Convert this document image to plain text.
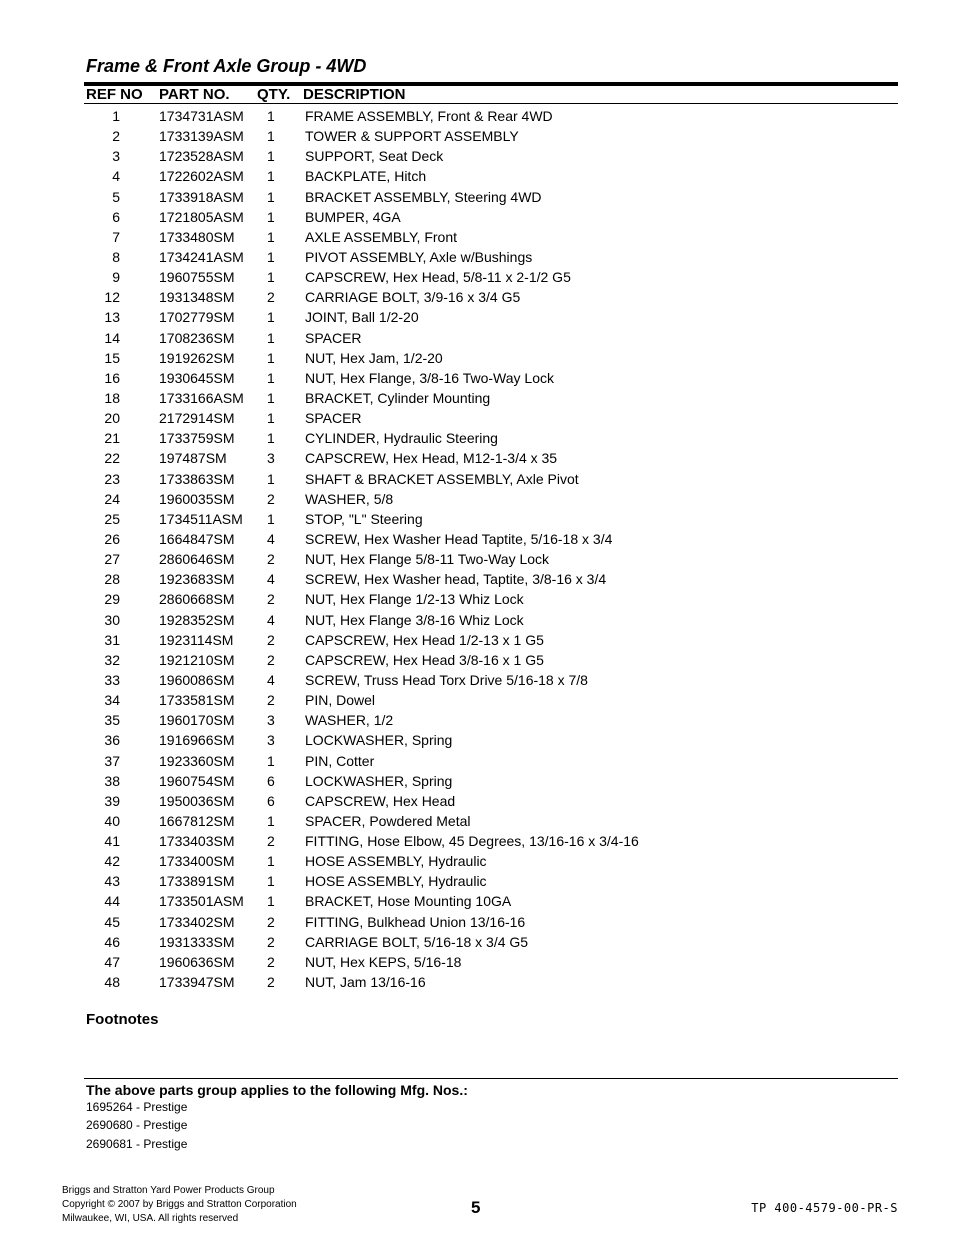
Frame & Front Axle Group - 4WD
REF NO PART NO. QTY. DESCRIPTION
1	1734731ASM 1 FRAME ASSEMBLY, Front & Rear 4WD
2	1733139ASM 1 TOWER & SUPPORT ASSEMBLY
3	1723528ASM 1 SUPPORT, Seat Deck
4	1722602ASM 1 BACKPLATE, Hitch
5	1733918ASM 1 BRACKET ASSEMBLY, Steering 4WD
6	1721805ASM 1 BUMPER, 4GA
7	1733480SM 1 AXLE ASSEMBLY, Front
8	1734241ASM 1 PIVOT ASSEMBLY, Axle w/Bushings
9	1960755SM 1 CAPSCREW, Hex Head, 5/8-11 x 2-1/2 G5
12	1931348SM 2 CARRIAGE BOLT, 3/9-16 x 3/4 G5
13	1702779SM 1 JOINT, Ball 1/2-20
14	1708236SM 1 SPACER
15	1919262SM 1 NUT, Hex Jam, 1/2-20
16	1930645SM 1 NUT, Hex Flange, 3/8-16 Two-Way Lock
18	1733166ASM 1 BRACKET, Cylinder Mounting
20	2172914SM 1 SPACER
21	1733759SM 1 CYLINDER, Hydraulic Steering
22	197487SM	3 CAPSCREW, Hex Head, M12-1-3/4 x 35
23	1733863SM 1 SHAFT & BRACKET ASSEMBLY, Axle Pivot
24	1960035SM 2 WASHER, 5/8
25	1734511ASM 1 STOP, "L" Steering
26	1664847SM 4 SCREW, Hex Washer Head Taptite, 5/16-18 x 3/4
27	2860646SM 2 NUT, Hex Flange 5/8-11 Two-Way Lock
28	1923683SM 4 SCREW, Hex Washer head, Taptite, 3/8-16 x 3/4
29	2860668SM 2 NUT, Hex Flange 1/2-13 Whiz Lock
30	1928352SM 4 NUT, Hex Flange 3/8-16 Whiz Lock
31	1923114SM 2 CAPSCREW, Hex Head 1/2-13 x 1 G5
32	1921210SM 2 CAPSCREW, Hex Head 3/8-16 x 1 G5
33	1960086SM 4 SCREW, Truss Head Torx Drive 5/16-18 x 7/8
34	1733581SM 2 PIN, Dowel
35	1960170SM 3 WASHER, 1/2
36	1916966SM 3 LOCKWASHER, Spring
37	1923360SM 1 PIN, Cotter
38	1960754SM 6 LOCKWASHER, Spring
39	1950036SM 6 CAPSCREW, Hex Head
40	1667812SM 1 SPACER, Powdered Metal
41	1733403SM 2 FITTING, Hose Elbow, 45 Degrees, 13/16-16 x 3/4-16
42	1733400SM 1 HOSE ASSEMBLY, Hydraulic
43	1733891SM 1 HOSE ASSEMBLY, Hydraulic
44	1733501ASM 1 BRACKET, Hose Mounting 10GA
45	1733402SM 2 FITTING, Bulkhead Union 13/16-16
46	1931333SM 2 CARRIAGE BOLT, 5/16-18 x 3/4 G5
47	1960636SM 2 NUT, Hex KEPS, 5/16-18
48	1733947SM 2 NUT, Jam 13/16-16
Footnotes
The above parts group applies to the following Mfg. Nos.:
1695264 - Prestige
2690680 - Prestige
2690681 - Prestige
Briggs and Stratton Yard Power Products Group
Copyright © 2007 by Briggs and Stratton Corporation
Milwaukee, WI, USA. All rights reserved
5	TP 400-4579-00-PR-S
